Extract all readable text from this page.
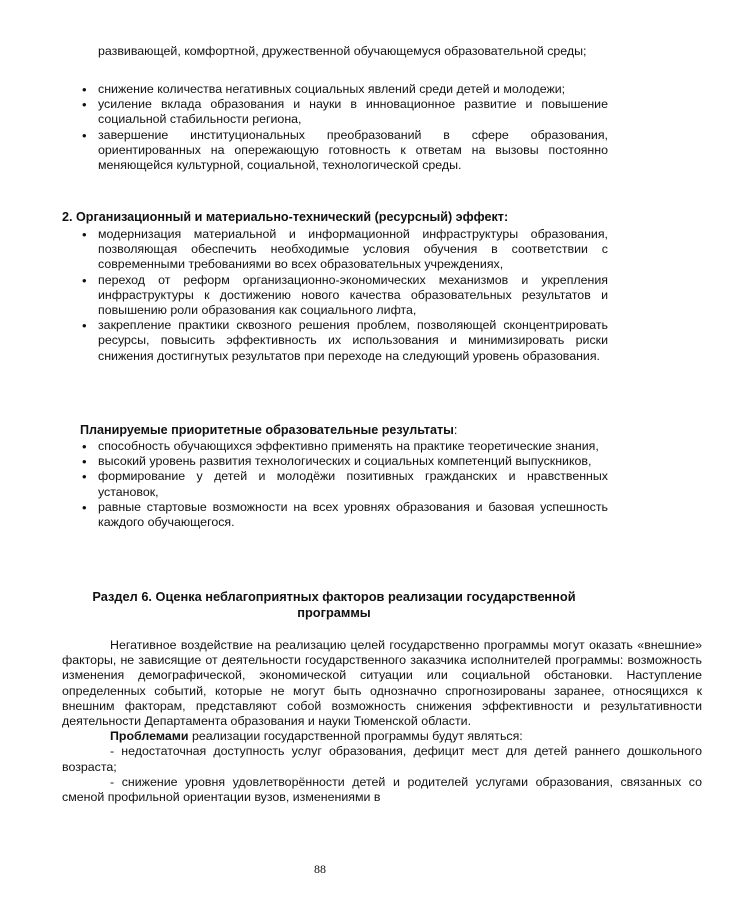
развивающей, комфортной, дружественной обучающемуся образовательной среды;

• снижение количества негативных социальных явлений среди детей и молодежи;
• усиление вклада образования и науки в инновационное развитие и повышение социальной стабильности региона,
• завершение институциональных преобразований в сфере образования, ориентированных на опережающую готовность к ответам на вызовы постоянно меняющейся культурной, социальной, технологической среды.
2. Организационный и материально-технический (ресурсный) эффект:
• модернизация материальной и информационной инфраструктуры образования, позволяющая обеспечить необходимые условия обучения в соответствии с современными требованиями во всех образовательных учреждениях,
• переход от реформ организационно-экономических механизмов и укрепления инфраструктуры к достижению нового качества образовательных результатов и повышению роли образования как социального лифта,
• закрепление практики сквозного решения проблем, позволяющей сконцентрировать ресурсы, повысить эффективность их использования и минимизировать риски снижения достигнутых результатов при переходе на следующий уровень образования.
Планируемые приоритетные образовательные результаты:
• способность обучающихся эффективно применять на практике теоретические знания,
• высокий уровень развития технологических и социальных компетенций выпускников,
• формирование у детей и молодёжи позитивных гражданских и нравственных установок,
• равные стартовые возможности на всех уровнях образования и базовая успешность каждого обучающегося.
Раздел 6. Оценка неблагоприятных факторов реализации государственной программы

Негативное воздействие на реализацию целей государственно программы могут оказать «внешние» факторы, не зависящие от деятельности государственного заказчика исполнителей программы: возможность изменения демографической, экономической ситуации или социальной обстановки. Наступление определенных событий, которые не могут быть однозначно спрогнозированы заранее, относящихся к внешним факторам, представляют собой возможность снижения эффективности и результативности деятельности Департамента образования и науки Тюменской области.

Проблемами реализации государственной программы будут являться:

- недостаточная доступность услуг образования, дефицит мест для детей раннего дошкольного возраста;

- снижение уровня удовлетворённости детей и родителей услугами образования, связанных со сменой профильной ориентации вузов, изменениями в

88
